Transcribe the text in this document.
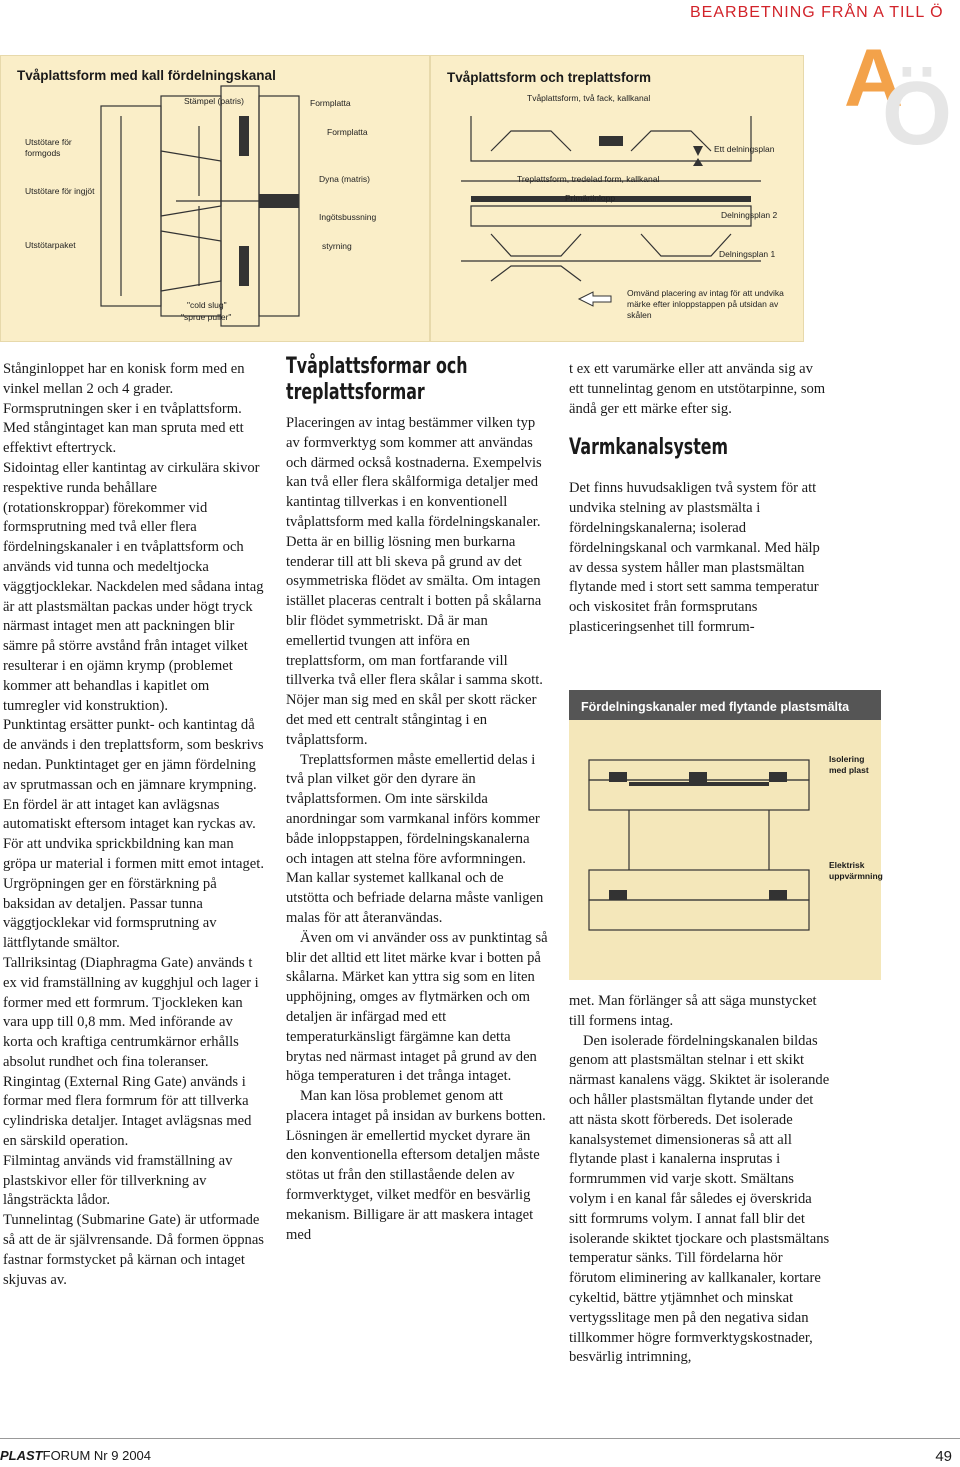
BEARBETNING FRÅN A TILL Ö
A
Ö
Tvåplattsform med kall fördelningskanal
Stämpel (patris)	Formplatta
Formplatta
Utstötare för formgods
Dyna (matris)
Utstötare för ingjöt
Ingötsbussning
Utstötarpaket	styrning
"cold slug"
"sprue puller"
Tvåplattsform och treplattsform
Tvåplattsform, två fack, kallkanal
Ett delningsplan
Treplattsform, tredelad form, kallkanal
Primärtinlopp
Delningsplan 2
Delningsplan 1
Omvänd placering av intag för att undvika märke efter inloppstappen på utsidan av skålen

Stånginloppet har en konisk form med en vinkel mellan 2 och 4 grader. Formsprutningen sker i en tvåplattsform. Med stångintaget kan man spruta med ett effektivt eftertryck.

Sidointag eller kantintag av cirkulära skivor respektive runda behållare (rotationskroppar) förekommer vid formsprutning med två eller flera fördelningskanaler i en tvåplattsform och används vid tunna och medeltjocka väggtjocklekar. Nackdelen med sådana intag är att plastsmältan packas under högt tryck närmast intaget men att packningen blir sämre på större avstånd från intaget vilket resulterar i en ojämn krymp (problemet kommer att behandlas i kapitlet om tumregler vid konstruktion).

Punktintag ersätter punkt- och kantintag då de används i den treplattsform, som beskrivs nedan. Punktintaget ger en jämn fördelning av sprutmassan och en jämnare krympning. En fördel är att intaget kan avlägsnas automatiskt eftersom intaget kan ryckas av. För att undvika sprickbildning kan man gröpa ur material i formen mitt emot intaget.

Urgröpningen ger en förstärkning på baksidan av detaljen. Passar tunna väggtjocklekar vid formsprutning av lättflytande smältor.

Tallriksintag (Diaphragma Gate) används t ex vid framställning av kugghjul och lager i former med ett formrum. Tjockleken kan vara upp till 0,8 mm. Med införande av korta och kraftiga centrumkärnor erhålls absolut rundhet och fina toleranser.

Ringintag (External Ring Gate) används i formar med flera formrum för att tillverka cylindriska detaljer. Intaget avlägsnas med en särskild operation.

Filmintag används vid framställning av plastskivor eller för tillverkning av långsträckta lådor.

Tunnelintag (Submarine Gate) är utformade så att de är självrensande. Då formen öppnas fastnar formstycket på kärnan och intaget skjuvas av.

Tvåplattsformar och treplattsformar

Placeringen av intag bestämmer vilken typ av formverktyg som kommer att användas och därmed också kostnaderna. Exempelvis kan två eller flera skålformiga detaljer med kantintag tillverkas i en konventionell tvåplattsform med kalla fördelningskanaler. Detta är en billig lösning men burkarna tenderar till att bli skeva på grund av det osymmetriska flödet av smälta. Om intagen istället placeras centralt i botten på skålarna blir flödet symmetriskt. Då är man emellertid tvungen att införa en treplattsform, om man fortfarande vill tillverka två eller flera skålar i samma skott. Nöjer man sig med en skål per skott räcker det med ett centralt stångintag i en tvåplattsform.

Treplattsformen måste emellertid delas i två plan vilket gör den dyrare än tvåplattsformen. Om inte särskilda anordningar som varmkanal införs kommer både inloppstappen, fördelningskanalerna och intagen att stelna före avformningen. Man kallar systemet kallkanal och de utstötta och befriade delarna måste vanligen malas för att återanvändas.

Även om vi använder oss av punktintag så blir det alltid ett litet märke kvar i botten på skålarna. Märket kan yttra sig som en liten upphöjning, omges av flytmärken och om detaljen är infärgad med ett temperaturkänsligt färgämne kan detta brytas ned närmast intaget på grund av den höga temperaturen i det trånga intaget.

Man kan lösa problemet genom att placera intaget på insidan av burkens botten. Lösningen är emellertid mycket dyrare än den konventionella eftersom detaljen måste stötas ut från den stillastående delen av formverktyget, vilket medför en besvärlig mekanism. Billigare är att maskera intaget med

t ex ett varumärke eller att använda sig av ett tunnelintag genom en utstötarpinne, som ändå ger ett märke efter sig.

Varmkanalsystem

Det finns huvudsakligen två system för att undvika stelning av plastsmälta i fördelningskanalerna; isolerad fördelningskanal och varmkanal. Med hälp av dessa system håller man plastsmältan flytande med i stort sett samma temperatur och viskositet från formsprutans plasticeringsenhet till formrum-

Fördelningskanaler med flytande plastsmälta
Isolering
med plast
Elektrisk
uppvärmning

met. Man förlänger så att säga munstycket till formens intag.

Den isolerade fördelningskanalen bildas genom att plastsmältan stelnar i ett skikt närmast kanalens vägg. Skiktet är isolerande och håller plastsmältan flytande under det att nästa skott förbereds. Det isolerade kanalsystemet dimensioneras så att all flytande plast i kanalerna insprutas i formrummen vid varje skott. Smältans volym i en kanal får således ej överskrida sitt formrums volym. I annat fall blir det isolerande skiktet tjockare och plastsmältans temperatur sänks. Till fördelarna hör förutom eliminering av kallkanaler, kortare cykeltid, bättre ytjämnhet och minskat vertygsslitage men på den negativa sidan tillkommer högre formverktygskostnader, besvärlig intrimning,

PLASTFORUM Nr 9 2004	49
